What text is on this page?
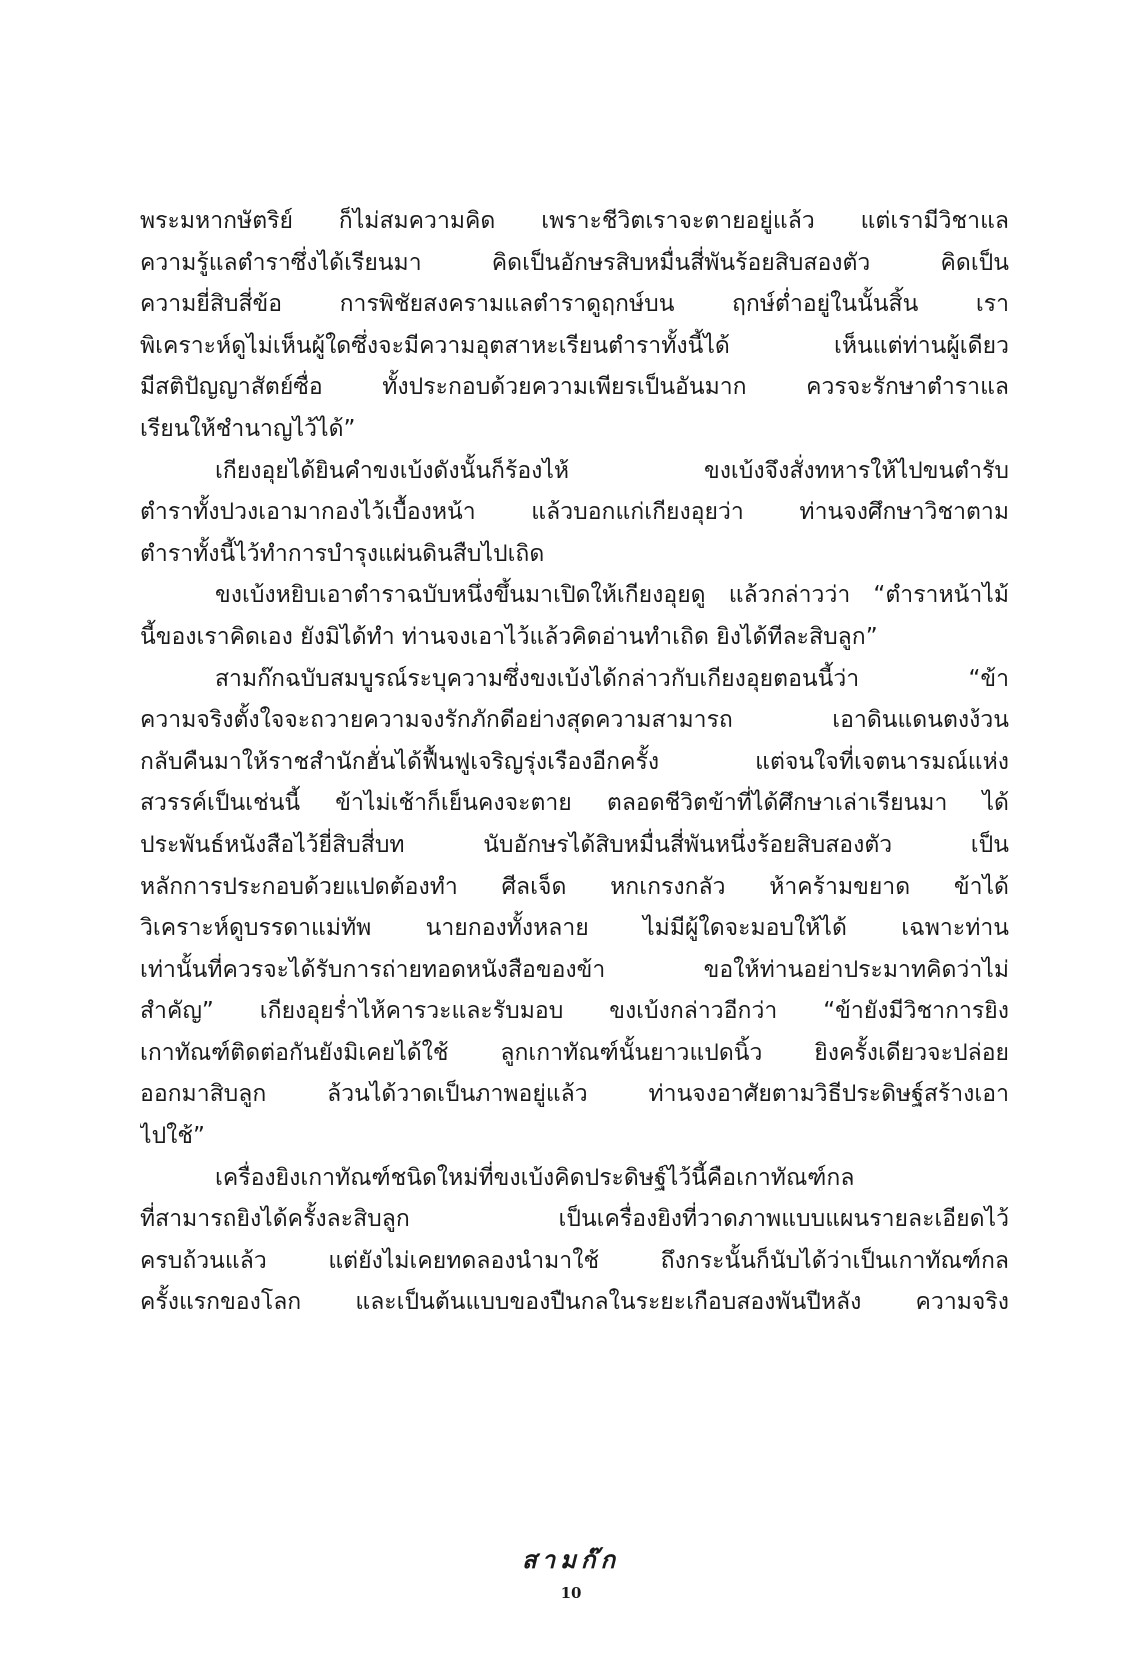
พระมหากษัตริย์ ก็ไม่สมความคิด เพราะชีวิตเราจะตายอยู่แล้ว แต่เรามีวิชาแล
ความรู้แลตำราซึ่งได้เรียนมา คิดเป็นอักษรสิบหมื่นสี่พันร้อยสิบสองตัว คิดเป็น
ความยี่สิบสี่ข้อ การพิชัยสงครามแลตำราดูฤกษ์บน ฤกษ์ต่ำอยู่ในนั้นสิ้น เรา
พิเคราะห์ดูไม่เห็นผู้ใดซึ่งจะมีความอุตสาหะเรียนตำราทั้งนี้ได้ เห็นแต่ท่านผู้เดียว
มีสติปัญญาสัตย์ซื่อ ทั้งประกอบด้วยความเพียรเป็นอันมาก ควรจะรักษาตำราแล
เรียนให้ชำนาญไว้ได้”
เกียงอุยได้ยินคำขงเบ้งดังนั้นก็ร้องไห้ ขงเบ้งจึงสั่งทหารให้ไปขนตำรับ
ตำราทั้งปวงเอามากองไว้เบื้องหน้า แล้วบอกแก่เกียงอุยว่า ท่านจงศึกษาวิชาตาม
ตำราทั้งนี้ไว้ทำการบำรุงแผ่นดินสืบไปเถิด
ขงเบ้งหยิบเอาตำราฉบับหนึ่งขึ้นมาเปิดให้เกียงอุยดู แล้วกล่าวว่า “ตำราหน้าไม้
นี้ของเราคิดเอง ยังมิได้ทำ ท่านจงเอาไว้แล้วคิดอ่านทำเถิด ยิงได้ทีละสิบลูก”
สามก๊กฉบับสมบูรณ์ระบุความซึ่งขงเบ้งได้กล่าวกับเกียงอุยตอนนี้ว่า “ข้า
ความจริงตั้งใจจะถวายความจงรักภักดีอย่างสุดความสามารถ เอาดินแดนตงง้วน
กลับคืนมาให้ราชสำนักฮั่นได้ฟื้นฟูเจริญรุ่งเรืองอีกครั้ง แต่จนใจที่เจตนารมณ์แห่ง
สวรรค์เป็นเช่นนี้ ข้าไม่เช้าก็เย็นคงจะตาย ตลอดชีวิตข้าที่ได้ศึกษาเล่าเรียนมา ได้
ประพันธ์หนังสือไว้ยี่สิบสี่บท นับอักษรได้สิบหมื่นสี่พันหนึ่งร้อยสิบสองตัว เป็น
หลักการประกอบด้วยแปดต้องทำ ศีลเจ็ด หกเกรงกลัว ห้าคร้ามขยาด ข้าได้
วิเคราะห์ดูบรรดาแม่ทัพ นายกองทั้งหลาย ไม่มีผู้ใดจะมอบให้ได้ เฉพาะท่าน
เท่านั้นที่ควรจะได้รับการถ่ายทอดหนังสือของข้า ขอให้ท่านอย่าประมาทคิดว่าไม่
สำคัญ” เกียงอุยร่ำไห้คารวะและรับมอบ ขงเบ้งกล่าวอีกว่า “ข้ายังมีวิชาการยิง
เกาทัณฑ์ติดต่อกันยังมิเคยได้ใช้ ลูกเกาทัณฑ์นั้นยาวแปดนิ้ว ยิงครั้งเดียวจะปล่อย
ออกมาสิบลูก ล้วนได้วาดเป็นภาพอยู่แล้ว ท่านจงอาศัยตามวิธีประดิษฐ์สร้างเอา
ไปใช้”
เครื่องยิงเกาทัณฑ์ชนิดใหม่ที่ขงเบ้งคิดประดิษฐ์ไว้นี้คือเกาทัณฑ์กล
ที่สามารถยิงได้ครั้งละสิบลูก เป็นเครื่องยิงที่วาดภาพแบบแผนรายละเอียดไว้
ครบถ้วนแล้ว แต่ยังไม่เคยทดลองนำมาใช้ ถึงกระนั้นก็นับได้ว่าเป็นเกาทัณฑ์กล
ครั้งแรกของโลก และเป็นต้นแบบของปืนกลในระยะเกือบสองพันปีหลัง ความจริง
สามก๊ก
10
